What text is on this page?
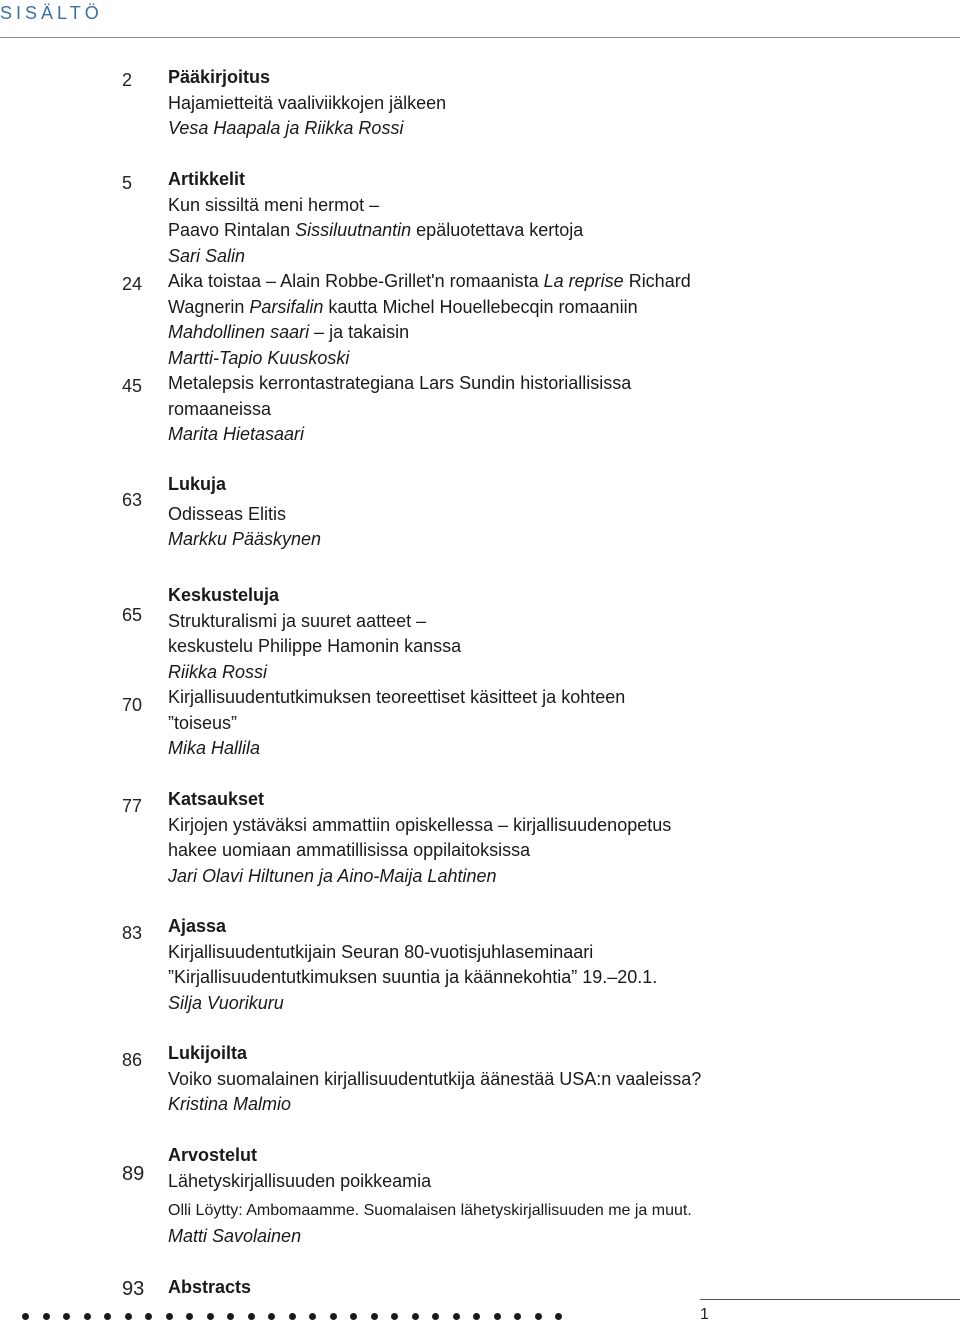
SISÄLTÖ
2
5
24
45
63
65
70
77
83
86
89
93
Pääkirjoitus
Hajamietteitä vaaliviikkojen jälkeen
Vesa Haapala ja Riikka Rossi
Artikkelit
Kun sissiltä meni hermot –
Paavo Rintalan Sissiluutnantin epäluotettava kertoja
Sari Salin
Aika toistaa – Alain Robbe-Grillet'n romaanista La reprise Richard
Wagnerin Parsifalin kautta Michel Houellebecqin romaaniin
Mahdollinen saari – ja takaisin
Martti-Tapio Kuuskoski
Metalepsis kerrontastrategiana Lars Sundin historiallisissa
romaaneissa
Marita Hietasaari
Lukuja
Odisseas Elitis
Markku Pääskynen
Keskusteluja
Strukturalismi ja suuret aatteet –
keskustelu Philippe Hamonin kanssa
Riikka Rossi
Kirjallisuudentutkimuksen teoreettiset käsitteet ja kohteen
”toiseus”
Mika Hallila
Katsaukset
Kirjojen ystäväksi ammattiin opiskellessa – kirjallisuudenopetus
hakee uomiaan ammatillisissa oppilaitoksissa
Jari Olavi Hiltunen ja Aino-Maija Lahtinen
Ajassa
Kirjallisuudentutkijain Seuran 80-vuotisjuhlaseminaari
”Kirjallisuudentutkimuksen suuntia ja käännekohtia” 19.–20.1.
Silja Vuorikuru
Lukijoilta
Voiko suomalainen kirjallisuudentutkija äänestää USA:n vaaleissa?
Kristina Malmio
Arvostelut
Lähetyskirjallisuuden poikkeamia
Olli Löytty: Ambomaamme. Suomalaisen lähetyskirjallisuuden me ja muut.
Matti Savolainen
Abstracts
1
